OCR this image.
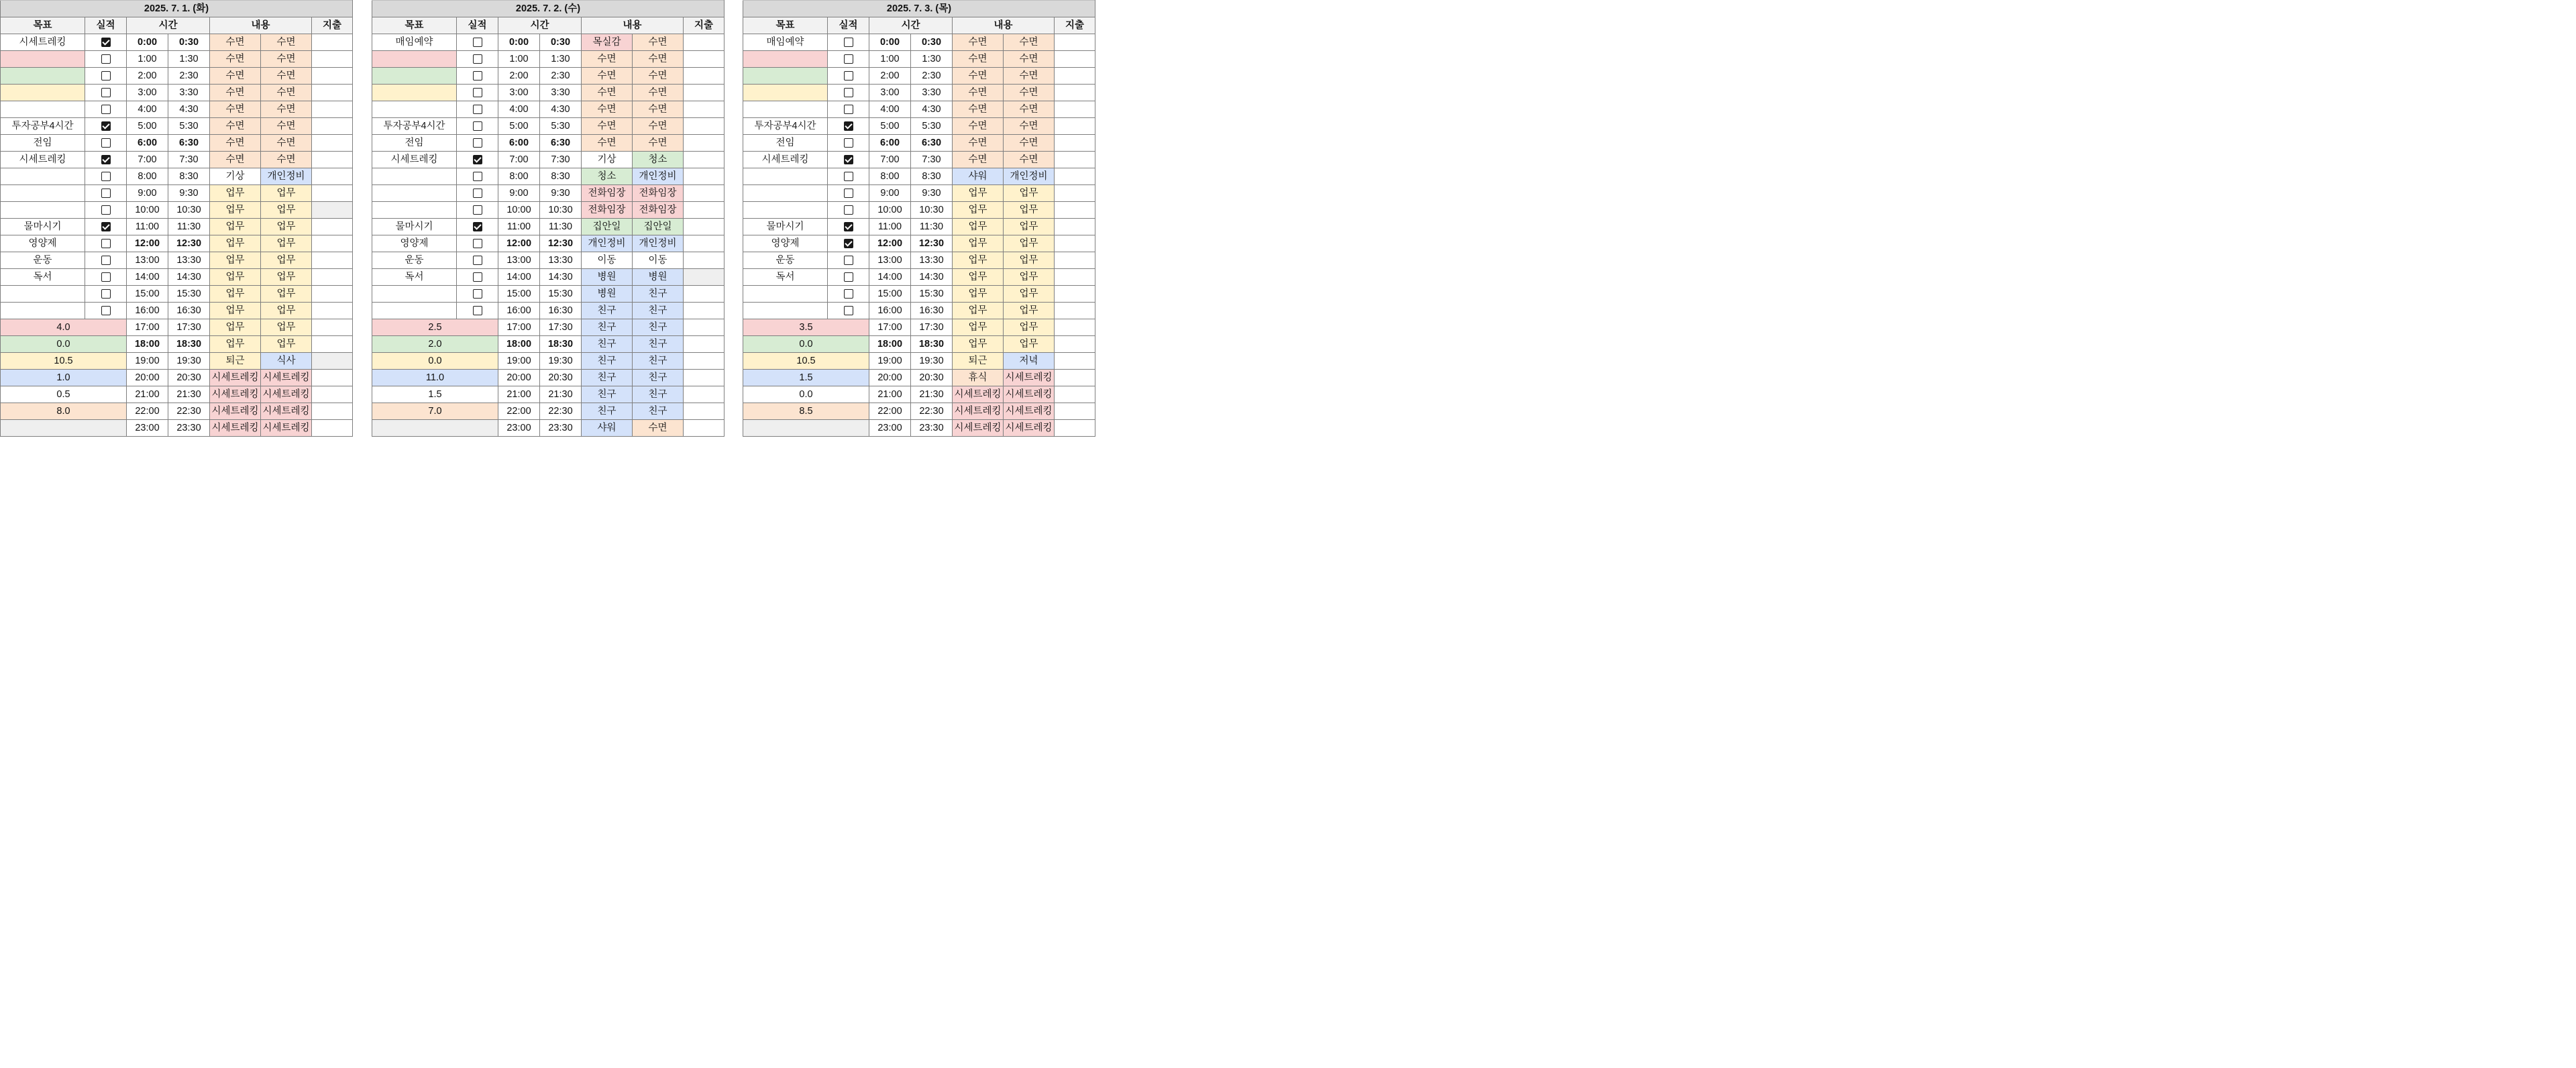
2025. 7. 1. (화)						
목표	실적	시간		내용		지출
시세트레킹		0:00	0:30	수면	수면	
		1:00	1:30	수면	수면	
		2:00	2:30	수면	수면	
		3:00	3:30	수면	수면	
		4:00	4:30	수면	수면	
투자공부4시간		5:00	5:30	수면	수면	
전임		6:00	6:30	수면	수면	
시세트레킹		7:00	7:30	수면	수면	
		8:00	8:30	기상	개인정비	
		9:00	9:30	업무	업무	
		10:00	10:30	업무	업무	
물마시기		11:00	11:30	업무	업무	
영양제		12:00	12:30	업무	업무	
운동		13:00	13:30	업무	업무	
독서		14:00	14:30	업무	업무	
		15:00	15:30	업무	업무	
		16:00	16:30	업무	업무	
4.0		17:00	17:30	업무	업무	
0.0		18:00	18:30	업무	업무	
10.5		19:00	19:30	퇴근	식사	
1.0		20:00	20:30	시세트레킹	시세트레킹	
0.5		21:00	21:30	시세트레킹	시세트레킹	
8.0		22:00	22:30	시세트레킹	시세트레킹	
		23:00	23:30	시세트레킹	시세트레킹	
2025. 7. 2. (수)						
목표	실적	시간		내용		지출
매임예약		0:00	0:30	목실감	수면	
		1:00	1:30	수면	수면	
		2:00	2:30	수면	수면	
		3:00	3:30	수면	수면	
		4:00	4:30	수면	수면	
투자공부4시간		5:00	5:30	수면	수면	
전임		6:00	6:30	수면	수면	
시세트레킹		7:00	7:30	기상	청소	
		8:00	8:30	청소	개인정비	
		9:00	9:30	전화임장	전화임장	
		10:00	10:30	전화임장	전화임장	
물마시기		11:00	11:30	집안일	집안일	
영양제		12:00	12:30	개인정비	개인정비	
운동		13:00	13:30	이동	이동	
독서		14:00	14:30	병원	병원	
		15:00	15:30	병원	친구	
		16:00	16:30	친구	친구	
2.5		17:00	17:30	친구	친구	
2.0		18:00	18:30	친구	친구	
0.0		19:00	19:30	친구	친구	
11.0		20:00	20:30	친구	친구	
1.5		21:00	21:30	친구	친구	
7.0		22:00	22:30	친구	친구	
		23:00	23:30	샤워	수면	
2025. 7. 3. (목)						
목표	실적	시간		내용		지출
매임예약		0:00	0:30	수면	수면	
		1:00	1:30	수면	수면	
		2:00	2:30	수면	수면	
		3:00	3:30	수면	수면	
		4:00	4:30	수면	수면	
투자공부4시간		5:00	5:30	수면	수면	
전임		6:00	6:30	수면	수면	
시세트레킹		7:00	7:30	수면	수면	
		8:00	8:30	샤워	개인정비	
		9:00	9:30	업무	업무	
		10:00	10:30	업무	업무	
물마시기		11:00	11:30	업무	업무	
영양제		12:00	12:30	업무	업무	
운동		13:00	13:30	업무	업무	
독서		14:00	14:30	업무	업무	
		15:00	15:30	업무	업무	
		16:00	16:30	업무	업무	
3.5		17:00	17:30	업무	업무	
0.0		18:00	18:30	업무	업무	
10.5		19:00	19:30	퇴근	저녁	
1.5		20:00	20:30	휴식	시세트레킹	
0.0		21:00	21:30	시세트레킹	시세트레킹	
8.5		22:00	22:30	시세트레킹	시세트레킹	
		23:00	23:30	시세트레킹	시세트레킹	
